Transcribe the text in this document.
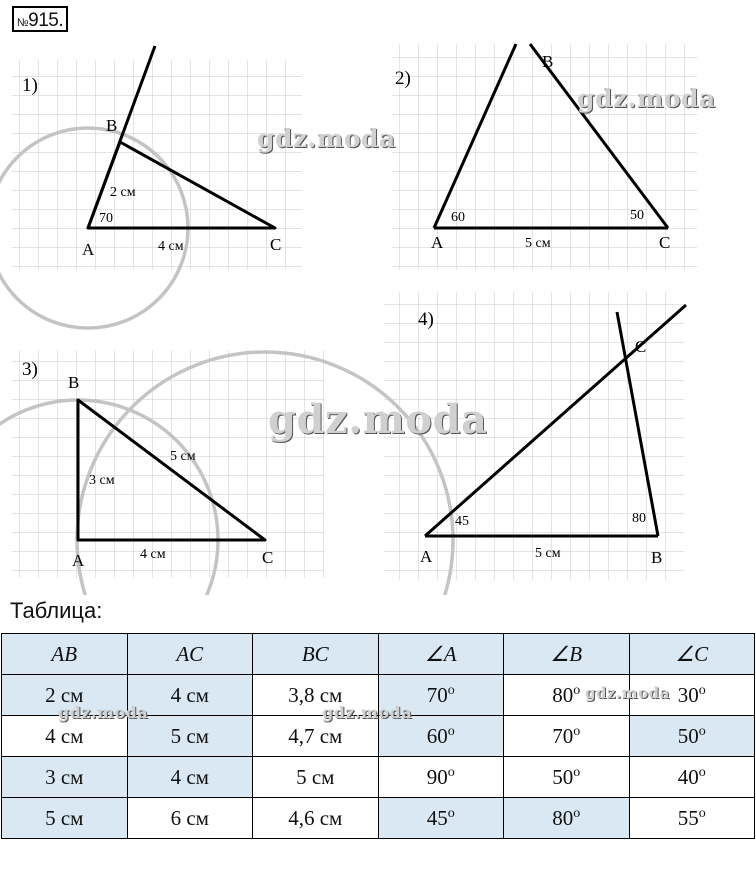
№915.
1)
B
A	C
2 см
4 см
70
2)
B
A	C
5 см
60	50
3)
B
A	C
3 см
4 см
5 см
4)
C
A	B
5 см
45	80
gdz.moda
gdz.moda
gdz.moda
Таблица:
AB	AC	BC	∠A	∠B	∠C
2 см	4 см	3,8 см	70$^o$	80$^o$	30$^o$
4 см	5 см	4,7 см	60$^o$	70$^o$	50$^o$
3 см	4 см	5 см	90$^o$	50$^o$	40$^o$
5 см	6 см	4,6 см	45$^o$	80$^o$	55$^o$
gdz.moda	gdz.moda
gdz.moda
